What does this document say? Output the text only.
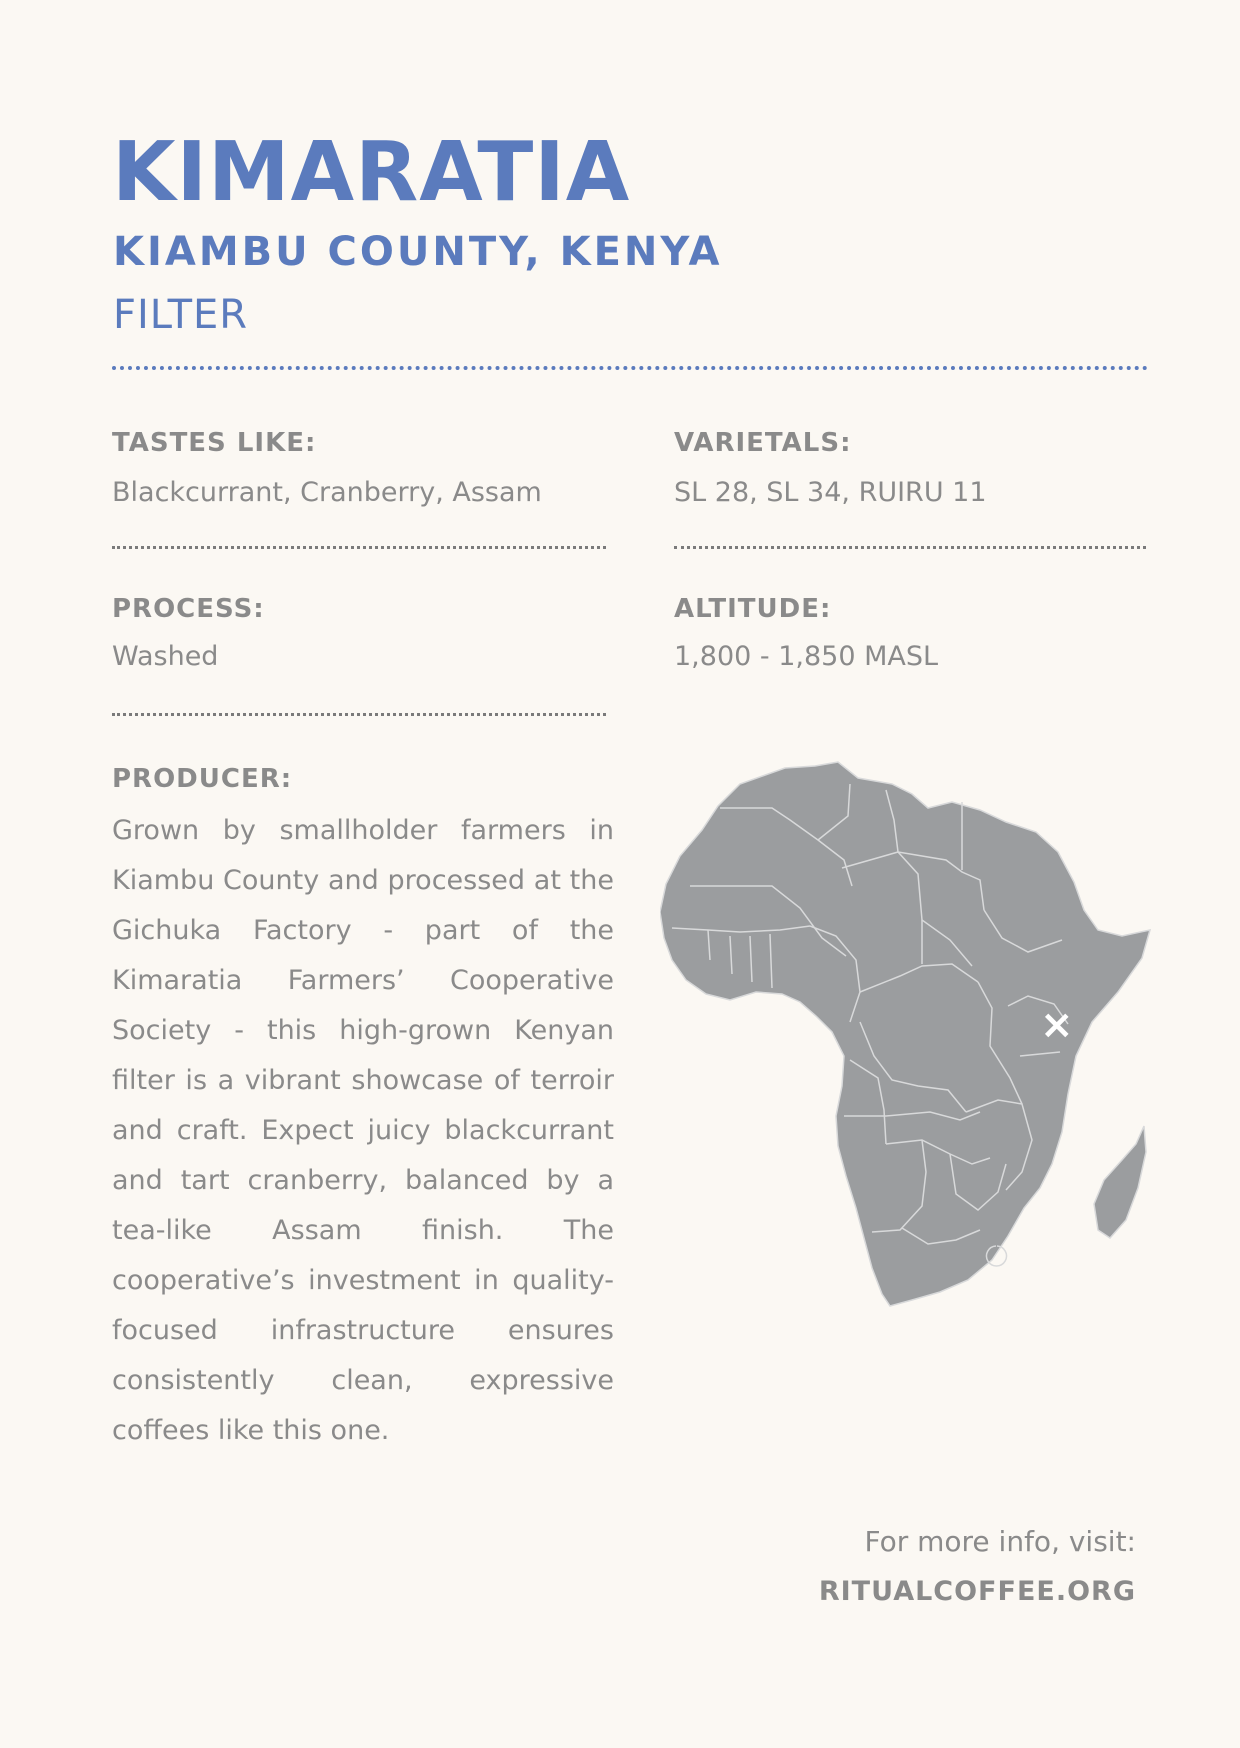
KIMARATIA
KIAMBU COUNTY, KENYA
FILTER
TASTES LIKE:
Blackcurrant, Cranberry, Assam
VARIETALS:
SL 28, SL 34, RUIRU 11
PROCESS:
Washed
ALTITUDE:
1,800 - 1,850 MASL
PRODUCER:

Grown by smallholder farmers in Kiambu County and processed at the Gichuka Factory - part of the Kimaratia Farmers’ Cooperative Society - this high-grown Kenyan filter is a vibrant showcase of terroir and craft. Expect juicy blackcurrant and tart cranberry, balanced by a tea-like Assam finish. The cooperative’s investment in quality-focused infrastructure ensures consistently clean, expressive coffees like this one.

×
For more info, visit:
RITUALCOFFEE.ORG
